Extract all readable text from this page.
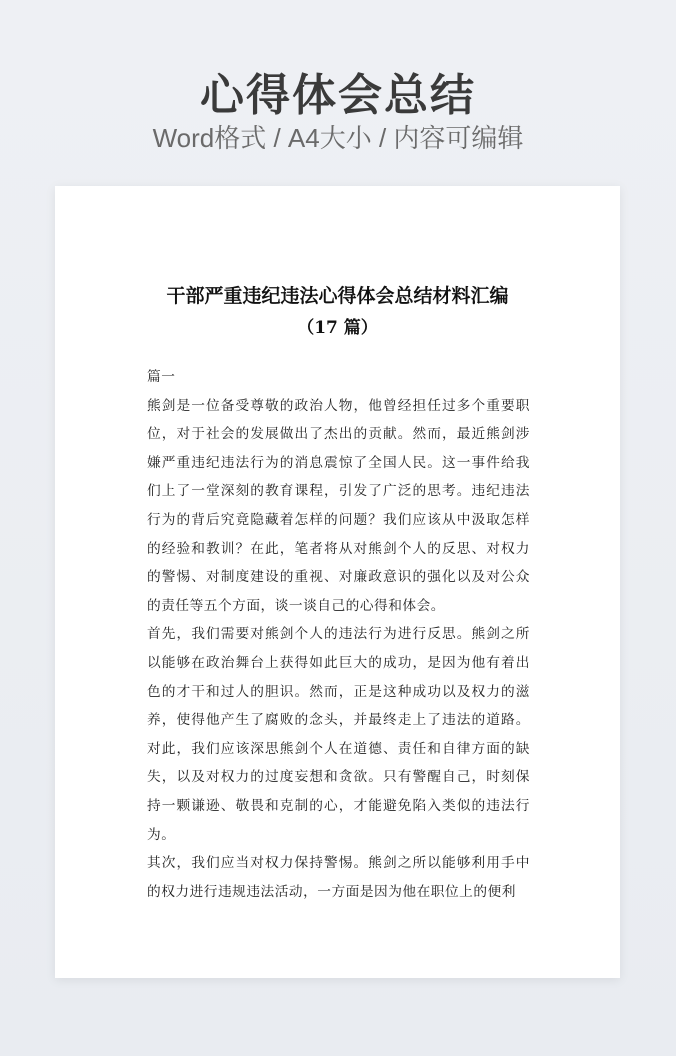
心得体会总结
Word格式 / A4大小 / 内容可编辑
干部严重违纪违法心得体会总结材料汇编
（17 篇）

篇一

熊剑是一位备受尊敬的政治人物，他曾经担任过多个重要职位，对于社会的发展做出了杰出的贡献。然而，最近熊剑涉嫌严重违纪违法行为的消息震惊了全国人民。这一事件给我们上了一堂深刻的教育课程，引发了广泛的思考。违纪违法行为的背后究竟隐藏着怎样的问题？我们应该从中汲取怎样的经验和教训？在此，笔者将从对熊剑个人的反思、对权力的警惕、对制度建设的重视、对廉政意识的强化以及对公众的责任等五个方面，谈一谈自己的心得和体会。

首先，我们需要对熊剑个人的违法行为进行反思。熊剑之所以能够在政治舞台上获得如此巨大的成功，是因为他有着出色的才干和过人的胆识。然而，正是这种成功以及权力的滋养，使得他产生了腐败的念头，并最终走上了违法的道路。对此，我们应该深思熊剑个人在道德、责任和自律方面的缺失，以及对权力的过度妄想和贪欲。只有警醒自己，时刻保持一颗谦逊、敬畏和克制的心，才能避免陷入类似的违法行为。

其次，我们应当对权力保持警惕。熊剑之所以能够利用手中的权力进行违规违法活动，一方面是因为他在职位上的便利
